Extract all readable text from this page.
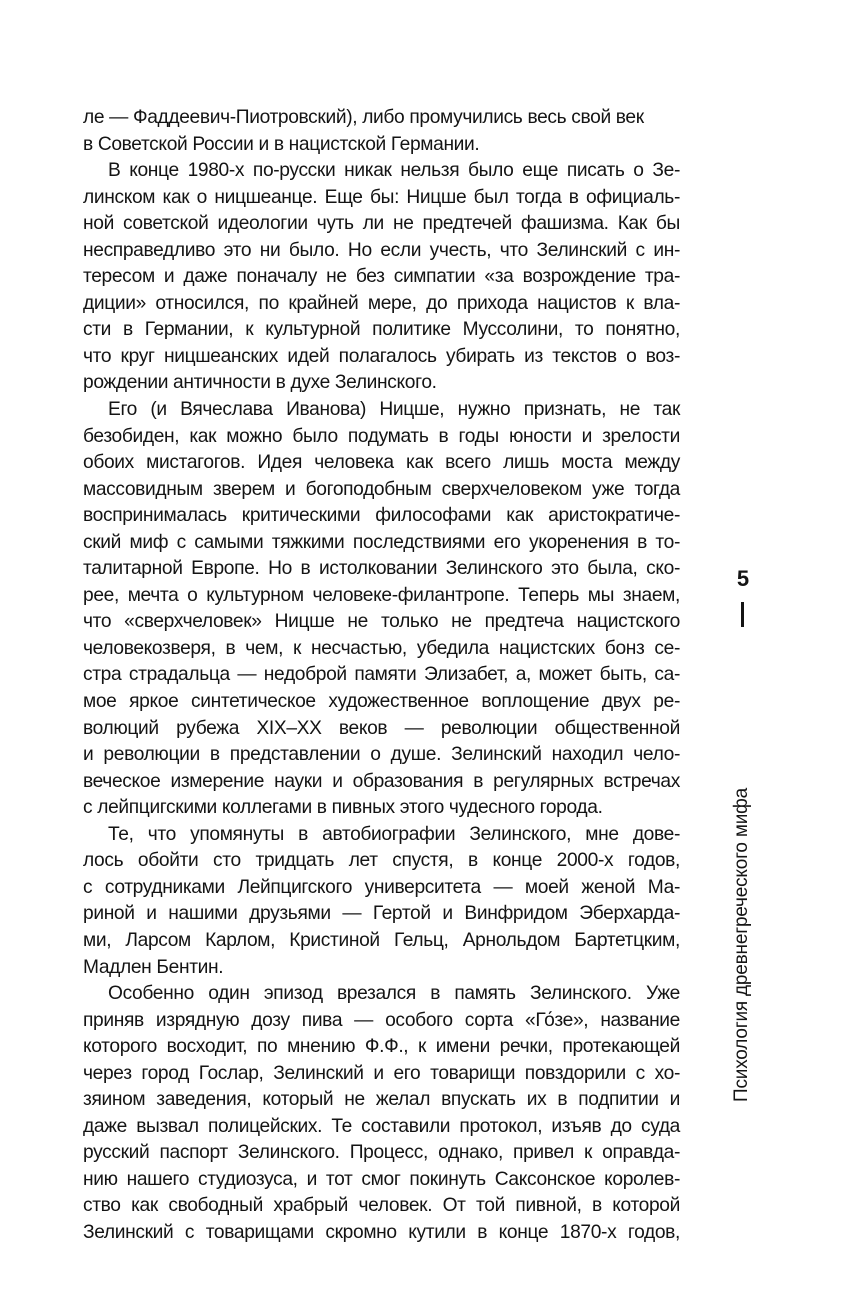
ле — Фаддеевич-Пиотровский), либо промучились весь свой век
в Советской России и в нацистской Германии.
В конце 1980-х по-русски никак нельзя было еще писать о Зе-
линском как о ницшеанце. Еще бы: Ницше был тогда в официаль-
ной советской идеологии чуть ли не предтечей фашизма. Как бы
несправедливо это ни было. Но если учесть, что Зелинский с ин-
тересом и даже поначалу не без симпатии «за возрождение тра-
диции» относился, по крайней мере, до прихода нацистов к вла-
сти в Германии, к культурной политике Муссолини, то понятно,
что круг ницшеанских идей полагалось убирать из текстов о воз-
рождении античности в духе Зелинского.
Его (и Вячеслава Иванова) Ницше, нужно признать, не так
безобиден, как можно было подумать в годы юности и зрелости
обоих мистагогов. Идея человека как всего лишь моста между
массовидным зверем и богоподобным сверхчеловеком уже тогда
воспринималась критическими философами как аристократиче-
ский миф с самыми тяжкими последствиями его укоренения в то-
талитарной Европе. Но в истолковании Зелинского это была, ско-
рее, мечта о культурном человеке-филантропе. Теперь мы знаем,
что «сверхчеловек» Ницше не только не предтеча нацистского
человекозверя, в чем, к несчастью, убедила нацистских бонз се-
стра страдальца — недоброй памяти Элизабет, а, может быть, са-
мое яркое синтетическое художественное воплощение двух ре-
волюций рубежа XIX–XX веков — революции общественной
и революции в представлении о душе. Зелинский находил чело-
веческое измерение науки и образования в регулярных встречах
с лейпцигскими коллегами в пивных этого чудесного города.
Те, что упомянуты в автобиографии Зелинского, мне дове-
лось обойти сто тридцать лет спустя, в конце 2000-х годов,
с сотрудниками Лейпцигского университета — моей женой Ма-
риной и нашими друзьями — Гертой и Винфридом Эберхарда-
ми, Ларсом Карлом, Кристиной Гельц, Арнольдом Бартетцким,
Мадлен Бентин.
Особенно один эпизод врезался в память Зелинского. Уже
приняв изрядную дозу пива — особого сорта «Го́зе», название
которого восходит, по мнению Ф.Ф., к имени речки, протекающей
через город Гослар, Зелинский и его товарищи повздорили с хо-
зяином заведения, который не желал впускать их в подпитии и
даже вызвал полицейских. Те составили протокол, изъяв до суда
русский паспорт Зелинского. Процесс, однако, привел к оправда-
нию нашего студиозуса, и тот смог покинуть Саксонское королев-
ство как свободный храбрый человек. От той пивной, в которой
Зелинский с товарищами скромно кутили в конце 1870-х годов,
5
Психология древнегреческого мифа
